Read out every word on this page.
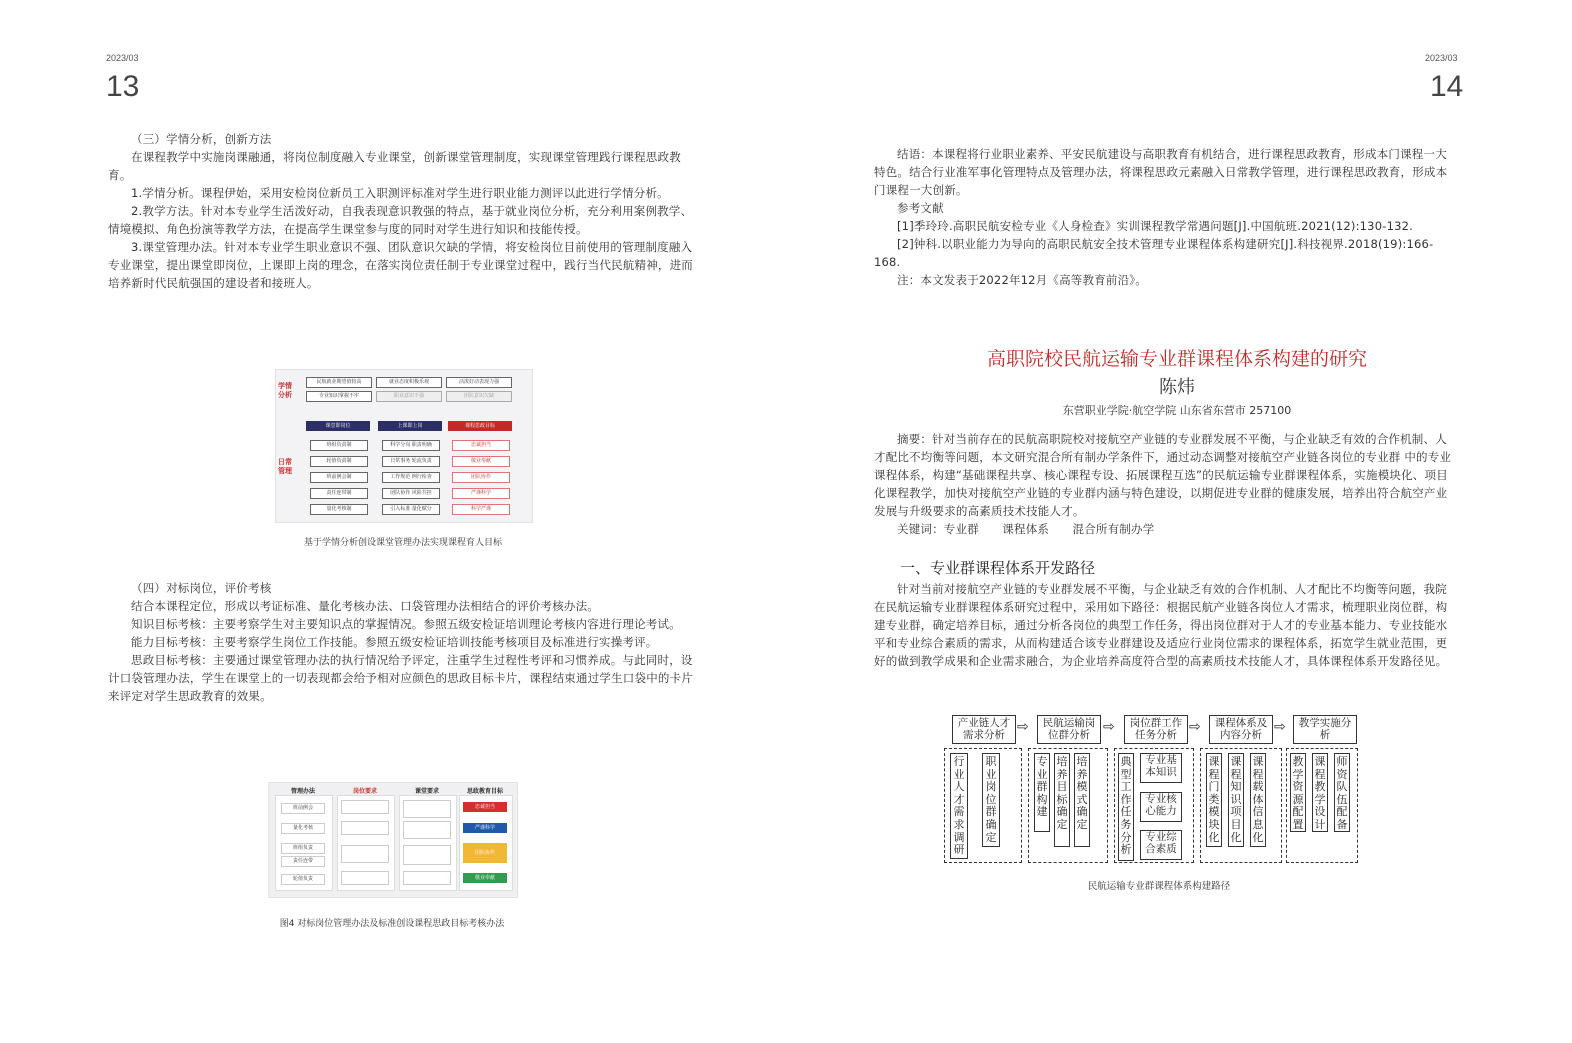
2023/03
13

（三）学情分析，创新方法

在课程教学中实施岗课融通，将岗位制度融入专业课堂，创新课堂管理制度，实现课堂管理践行课程思政教育。

1.学情分析。课程伊始，采用安检岗位新员工入职测评标准对学生进行职业能力测评以此进行学情分析。

2.教学方法。针对本专业学生活泼好动，自我表现意识教强的特点，基于就业岗位分析，充分利用案例教学、情境模拟、角色扮演等教学方法，在提高学生课堂参与度的同时对学生进行知识和技能传授。

3.课堂管理办法。针对本专业学生职业意识不强、团队意识欠缺的学情，将安检岗位目前使用的管理制度融入专业课堂，提出课堂即岗位，上课即上岗的理念，在落实岗位责任制于专业课堂过程中，践行当代民航精神，进而培养新时代民航强国的建设者和接班人。

学情
分析
日常
管理
民航就业期望值较高	就业态度积极乐观	活泼好动表现力强
专业知识掌握不牢	职业意识不强	团队意识欠缺
课堂即岗位	上课即上岗	课程思政目标
班组负责制
轮值负责制
班前例会制
责任连带制
量化考核制
科学分岗 职责明确
日常事务 轮流负责
工作规范 例行检查
团队协作 风险共担
引入标准 量化赋分
忠诚担当
敬业奉献
团队协作
严谨科学
科学严谨
基于学情分析创设课堂管理办法实现课程育人目标

（四）对标岗位，评价考核

结合本课程定位，形成以考证标准、量化考核办法、口袋管理办法相结合的评价考核办法。

知识目标考核：主要考察学生对主要知识点的掌握情况。参照五级安检证培训理论考核内容进行理论考试。

能力目标考核：主要考察学生岗位工作技能。参照五级安检证培训技能考核项目及标准进行实操考评。

思政目标考核：主要通过课堂管理办法的执行情况给予评定，注重学生过程性考评和习惯养成。与此同时，设计口袋管理办法，学生在课堂上的一切表现都会给予相对应颜色的思政目标卡片，课程结束通过学生口袋中的卡片来评定对学生思政教育的效果。

管理办法	岗位要求	课堂要求	思政教育目标
班前例会
量化考核
班组负责
责任连带
轮值负责
忠诚担当
严谨科学
团队协作
敬业奉献
图4 对标岗位管理办法及标准创设课程思政目标考核办法
2023/03
14

结语：本课程将行业职业素养、平安民航建设与高职教育有机结合，进行课程思政教育，形成本门课程一大特色。结合行业准军事化管理特点及管理办法，将课程思政元素融入日常教学管理，进行课程思政教育，形成本门课程一大创新。

参考文献

[1]季玲玲.高职民航安检专业《人身检查》实训课程教学常遇问题[J].中国航班.2021(12):130-132.

[2]钟科.以职业能力为导向的高职民航安全技术管理专业课程体系构建研究[J].科技视界.2018(19):166-168.

注：本文发表于2022年12月《高等教育前沿》。

高职院校民航运输专业群课程体系构建的研究
陈炜
东营职业学院·航空学院 山东省东营市 257100

摘要：针对当前存在的民航高职院校对接航空产业链的专业群发展不平衡，与企业缺乏有效的合作机制、人才配比不均衡等问题，本文研究混合所有制办学条件下，通过动态调整对接航空产业链各岗位的专业群 中的专业课程体系，构建“基础课程共享、核心课程专设、拓展课程互选”的民航运输专业群课程体系，实施模块化、项目化课程教学，加快对接航空产业链的专业群内涵与特色建设，以期促进专业群的健康发展，培养出符合航空产业发展与升级要求的高素质技术技能人才。

关键词：专业群　　课程体系　　混合所有制办学

一、专业群课程体系开发路径

针对当前对接航空产业链的专业群发展不平衡，与企业缺乏有效的合作机制、人才配比不均衡等问题，我院在民航运输专业群课程体系研究过程中，采用如下路径：根据民航产业链各岗位人才需求，梳理职业岗位群，构建专业群，确定培养目标，通过分析各岗位的典型工作任务，得出岗位群对于人才的专业基本能力、专业技能水平和专业综合素质的需求，从而构建适合该专业群建设及适应行业岗位需求的课程体系，拓宽学生就业范围，更好的做到教学成果和企业需求融合，为企业培养高度符合型的高素质技术技能人才，具体课程体系开发路径见。

产业链人才
需求分析
民航运输岗
位群分析
岗位群工作
任务分析
课程体系及
内容分析
教学实施分
析
⇨	⇨	⇨	⇨
行业人才需求调研
职业岗位群确定
专业群构建
培养目标确定
培养模式确定
典型工作任务分析
专业基本知识
专业核心能力
专业综合素质
课程门类模块化
课程知识项目化
课程载体信息化
教学资源配置
课程教学设计
师资队伍配备
民航运输专业群课程体系构建路径
